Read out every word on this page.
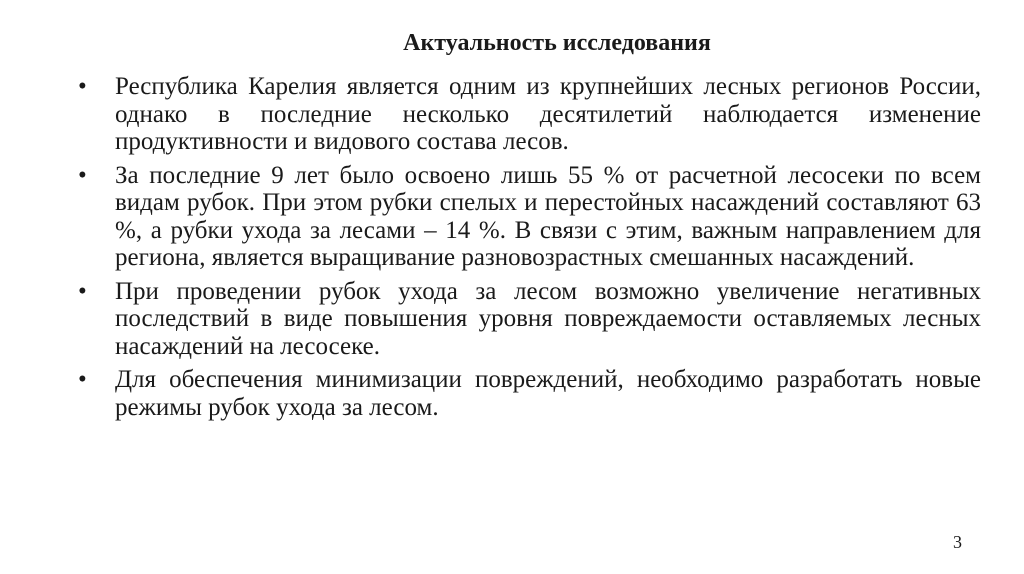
Актуальность исследования
• Республика Карелия является одним из крупнейших лесных регионов России, однако в последние несколько десятилетий наблюдается изменение продуктивности и видового состава лесов.
• За последние 9 лет было освоено лишь 55 % от расчетной лесосеки по всем видам рубок. При этом рубки спелых и перестойных насаждений составляют 63 %, а рубки ухода за лесами – 14 %. В связи с этим, важным направлением для региона, является выращивание разновозрастных смешанных насаждений.
• При проведении рубок ухода за лесом возможно увеличение негативных последствий в виде повышения уровня повреждаемости оставляемых лесных насаждений на лесосеке.
• Для обеспечения минимизации повреждений, необходимо разработать новые режимы рубок ухода за лесом.
3
